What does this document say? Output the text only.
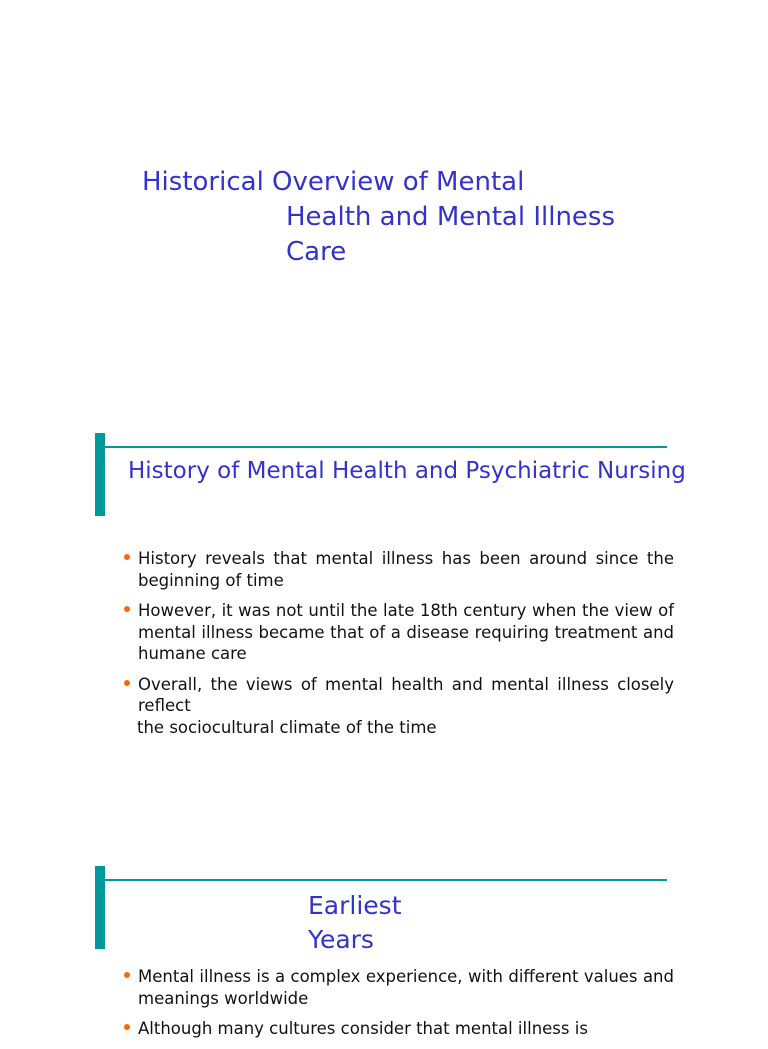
Historical Overview of Mental
Health and Mental Illness
Care
History of Mental Health and Psychiatric Nursing
History reveals that mental illness has been around since the    beginning of time
However, it was not until the late 18th century when the view of       mental illness became that of a disease requiring treatment and humane care
Overall, the views of mental health and mental illness closely reflect
the sociocultural climate of the time
Earliest
Years
Mental illness is a complex experience, with different values and  meanings worldwide
Although many cultures consider that mental illness is
